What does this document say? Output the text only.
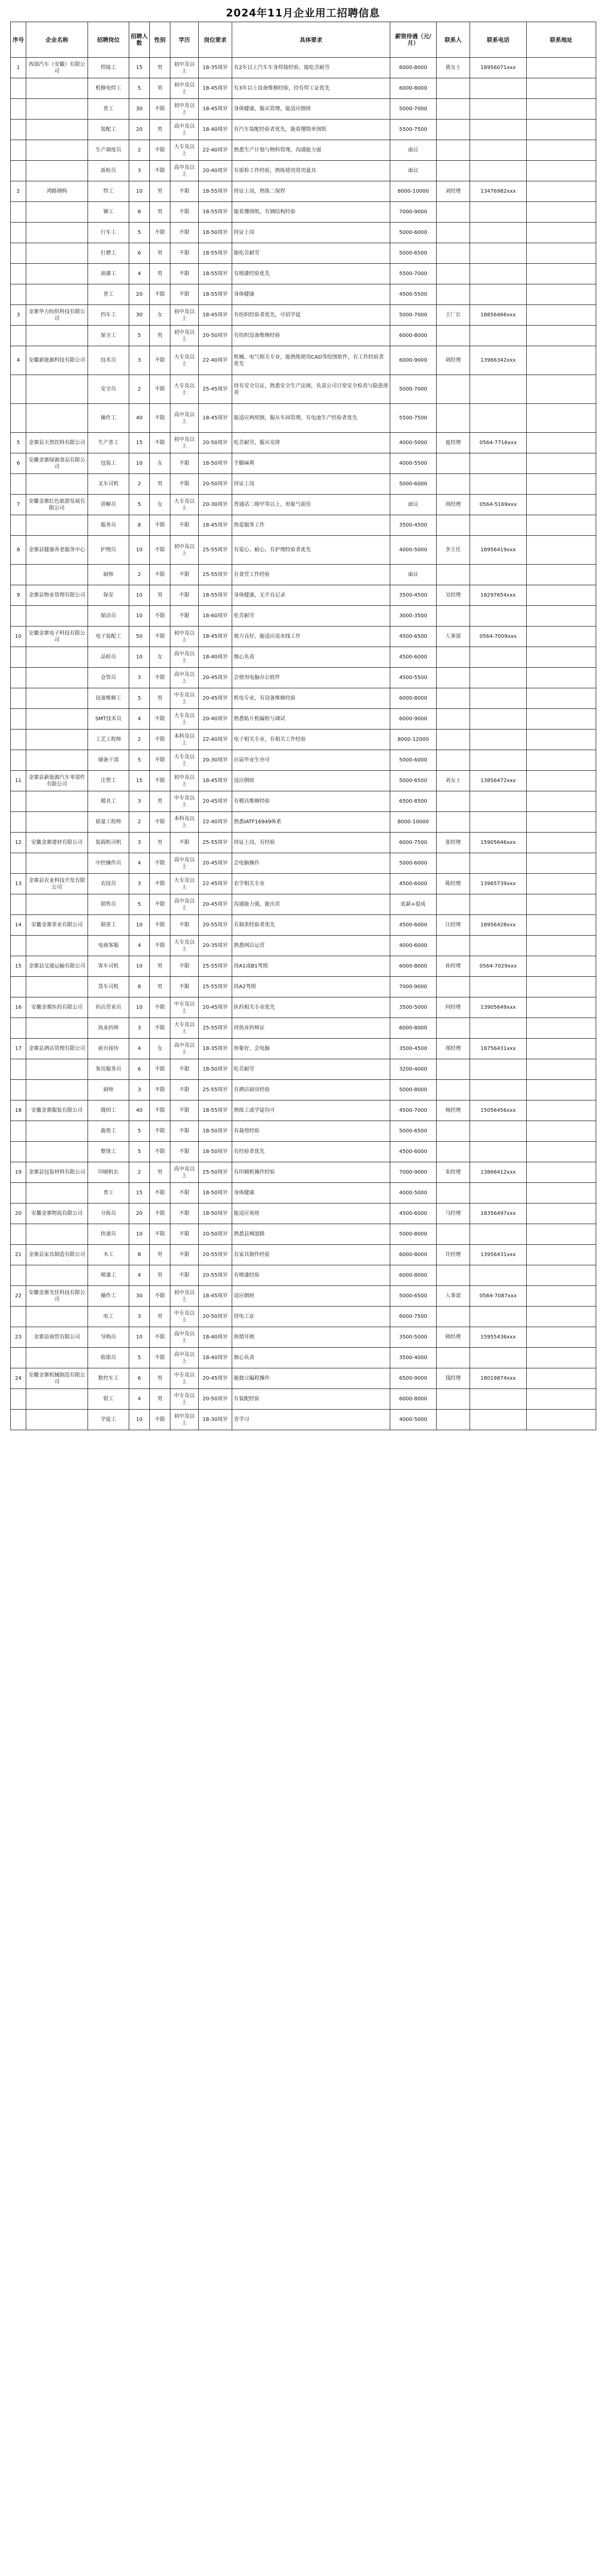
2024年11月企业用工招聘信息
序号	企业名称	招聘岗位	招聘人数	性别	学历	岗位要求	具体要求	薪资待遇（元/月）	联系人	联系电话	联系地址
1	西部汽车（安徽）有限公司	焊接工	15	男	初中及以上	18-35周岁	有2年以上汽车车身焊接经验，能吃苦耐劳	6000-8000	黄女士	18956071xxx	
		机修电焊工	5	男	初中及以上	18-45周岁	有3年以上设备维修经验，持有焊工证优先	6000-8000			
		普工	30	不限	初中及以上	18-45周岁	身体健康，服从管理，能适应倒班	5000-7000			
		装配工	20	男	高中及以上	18-40周岁	有汽车装配经验者优先，能看懂简单图纸	5500-7500			
		生产调度员	2	不限	大专及以上	22-40周岁	熟悉生产计划与物料管理，沟通能力强	面议			
		质检员	3	不限	高中及以上	20-40周岁	有质检工作经验，熟练使用常用量具	面议			
2	鸿路钢构	焊工	10	男	不限	18-55周岁	持证上岗，熟练二保焊	8000-10000	刘经理	13476982xxx	
		铆工	8	男	不限	18-55周岁	能看懂图纸，有钢结构经验	7000-9000			
		行车工	5	不限	不限	18-50周岁	持证上岗	5000-6000			
		打磨工	6	男	不限	18-55周岁	能吃苦耐劳	5000-6500			
		油漆工	4	男	不限	18-55周岁	有喷漆经验优先	5500-7000			
		普工	20	不限	不限	18-55周岁	身体健康	4500-5500			
3	金寨华力纺织科技有限公司	挡车工	30	女	初中及以上	18-45周岁	有纺织经验者优先，可招学徒	5000-7000	王厂长	18856466xxx	
		保全工	5	男	初中及以上	20-50周岁	有纺织设备维修经验	6000-8000			
4	安徽新能源科技有限公司	技术员	3	不限	大专及以上	22-40周岁	机械、电气相关专业，能熟练使用CAD等绘图软件，有工作经验者优先	6000-9000	胡经理	13966342xxx	
		安全员	2	不限	大专及以上	25-45周岁	持有安全员证，熟悉安全生产法规，负责公司日常安全检查与隐患排查	5000-7000			
		操作工	40	不限	高中及以上	18-45周岁	能适应两班倒，服从车间管理，有电池生产经验者优先	5500-7500			
5	金寨县天然饮料有限公司	生产普工	15	不限	初中及以上	20-50周岁	吃苦耐劳，服从安排	4000-5000	夏经理	0564-7716xxx	
6	安徽金寨绿源食品有限公司	包装工	10	女	不限	18-50周岁	手脚麻利	4000-5500			
		叉车司机	2	男	不限	20-50周岁	持证上岗	5000-6000			
7	安徽金寨红色旅游发展有限公司	讲解员	5	女	大专及以上	20-30周岁	普通话二级甲等以上，形象气质佳	面议	周经理	0564-5169xxx	
		服务员	8	不限	不限	18-45周岁	热爱服务工作	3500-4500			
8	金寨县健康养老服务中心	护理员	10	不限	初中及以上	25-55周岁	有爱心、耐心，有护理经验者优先	4000-5000	李主任	18956419xxx	
		厨师	2	不限	不限	25-55周岁	有食堂工作经验	面议			
9	金寨县物业管理有限公司	保安	10	男	不限	18-55周岁	身体健康，无不良记录	3500-4500	吴经理	18297654xxx	
		保洁员	10	不限	不限	18-60周岁	吃苦耐劳	3000-3500			
10	安徽金寨电子科技有限公司	电子装配工	50	不限	初中及以上	18-45周岁	视力良好，能适应流水线工作	4500-6500	人事部	0564-7009xxx	
		品检员	10	女	高中及以上	18-40周岁	细心负责	4500-6000			
		仓管员	3	不限	高中及以上	20-45周岁	会使用电脑办公软件	4500-5500			
		设备维修工	5	男	中专及以上	20-45周岁	机电专业，有设备维修经验	6000-8000			
		SMT技术员	4	不限	大专及以上	20-40周岁	熟悉贴片机编程与调试	6000-9000			
		工艺工程师	2	不限	本科及以上	22-40周岁	电子相关专业，有相关工作经验	8000-12000			
		储备干部	5	不限	大专及以上	20-30周岁	应届毕业生亦可	5000-6000			
11	金寨县新能源汽车零部件有限公司	注塑工	15	不限	初中及以上	18-45周岁	适应倒班	5000-6500	刘女士	13856472xxx	
		模具工	3	男	中专及以上	20-45周岁	有模具维修经验	6500-8500			
		质量工程师	2	不限	本科及以上	22-40周岁	熟悉IATF16949体系	8000-10000			
12	安徽金寨建材有限公司	装载机司机	3	男	不限	25-55周岁	持证上岗，有经验	6000-7500	张经理	15905646xxx	
		中控操作员	4	不限	高中及以上	20-45周岁	会电脑操作	5000-6000			
13	金寨县农业科技开发有限公司	农技员	3	不限	大专及以上	22-45周岁	农学相关专业	4500-6000	陈经理	13965739xxx	
		销售员	5	不限	高中及以上	20-45周岁	沟通能力强，能出差	底薪+提成			
14	安徽金寨茶业有限公司	制茶工	10	不限	不限	20-55周岁	有制茶经验者优先	4500-6000	汪经理	18956428xxx	
		电商客服	4	不限	大专及以上	20-35周岁	熟悉网店运营	4000-6000			
15	金寨县交通运输有限公司	客车司机	10	男	不限	25-55周岁	持A1或B1驾照	6000-8000	孙经理	0564-7029xxx	
		货车司机	8	男	不限	25-55周岁	持A2驾照	7000-9000			
16	安徽金寨医药有限公司	药店营业员	10	不限	中专及以上	20-45周岁	医药相关专业优先	3500-5000	何经理	13905649xxx	
		执业药师	3	不限	大专及以上	25-55周岁	持执业药师证	6000-8000			
17	金寨县酒店管理有限公司	前台接待	4	女	高中及以上	18-35周岁	形象好，会电脑	3500-4500	郑经理	18756431xxx	
		客房服务员	6	不限	不限	18-50周岁	吃苦耐劳	3200-4000			
		厨师	3	不限	不限	25-55周岁	有酒店厨房经验	5000-8000			
18	安徽金寨服装有限公司	缝纫工	40	不限	不限	18-55周岁	熟练工或学徒均可	4500-7000	杨经理	15056456xxx	
		裁剪工	5	不限	不限	18-50周岁	有裁剪经验	5000-6500			
		整烫工	5	不限	不限	18-50周岁	有经验者优先	4500-6000			
19	金寨县包装材料有限公司	印刷机长	2	男	高中及以上	25-50周岁	有印刷机操作经验	7000-9000	朱经理	13866412xxx	
		普工	15	不限	不限	18-50周岁	身体健康	4000-5000			
20	安徽金寨物流有限公司	分拣员	20	不限	不限	18-50周岁	能适应夜班	4500-6000	马经理	18356497xxx	
		快递员	10	不限	不限	20-50周岁	熟悉县城道路	5000-8000			
21	金寨县家具制造有限公司	木工	8	男	不限	20-55周岁	有家具制作经验	6000-8000	许经理	13956431xxx	
		喷漆工	4	男	不限	20-55周岁	有喷漆经验	6000-8000			
22	安徽金寨光伏科技有限公司	操作工	30	不限	初中及以上	18-45周岁	适应倒班	5000-6500	人事部	0564-7087xxx	
		电工	3	男	中专及以上	20-50周岁	持电工证	6000-7500			
23	金寨县商贸有限公司	导购员	10	不限	高中及以上	18-40周岁	热情开朗	3500-5000	韩经理	15955436xxx	
		收银员	5	不限	高中及以上	18-40周岁	细心负责	3500-4000			
24	安徽金寨机械制造有限公司	数控车工	6	男	中专及以上	20-45周岁	能独立编程操作	6500-9000	钱经理	18019874xxx	
		钳工	4	男	中专及以上	20-50周岁	有装配经验	6000-8000			
		学徒工	10	不限	初中及以上	18-30周岁	肯学习	4000-5000			
